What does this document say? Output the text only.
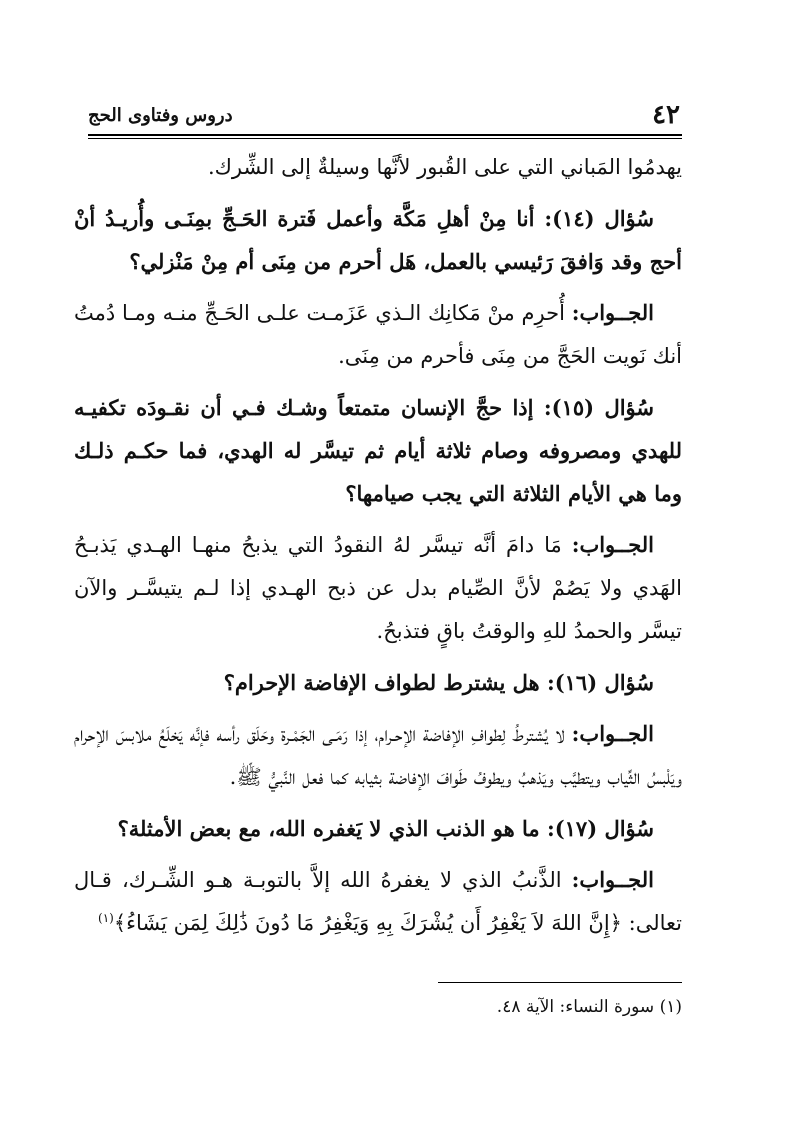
٤٢
دروس وفتاوى الحج

يهدمُوا المَباني التي على القُبور لأنَّها وسيلةٌ إلى الشِّرك.

سُؤال (١٤): أنا مِنْ أهلِ مَكَّة وأعمل فَترة الحَـجِّ بمِنَـى وأُريـدُ أنْ أحج وقد وَافقَ رَئيسي بالعمل، هَل أحرم من مِنَى أم مِنْ مَنْزلي؟

الجــواب: أُحرِم منْ مَكانِك الـذي عَزَمـت علـى الحَـجِّ منـه ومـا دُمتُ أنك نَويت الحَجَّ من مِنَى فأحرم من مِنَى.

سُؤال (١٥): إذا حجَّ الإنسان متمتعاً وشـك فـي أن نقـودَه تكفيـه للهدي ومصروفه وصام ثلاثة أيام ثم تيسَّر له الهدي، فما حكـم ذلـك وما هي الأيام الثلاثة التي يجب صيامها؟

الجــواب: مَا دامَ أنَّه تيسَّر لهُ النقودُ التي يذبحُ منهـا الهـدي يَذبـحُ الهَدي ولا يَصُمْ لأنَّ الصِّيام بدل عن ذبح الهـدي إذا لـم يتيسَّـر والآن تيسَّر والحمدُ للهِ والوقتُ باقٍ فتذبحُ.

سُؤال (١٦): هل يشترط لطواف الإفاضة الإحرام؟

الجــواب: لا يُشترطُ لِطوافِ الإفاضة الإحـرام، إذا رَمَـى الجَمْـرة وحَلَق رأسه فإنَّه يَخلَعُ ملابسَ الإحرام ويَلْبسُ الثِّياب ويتطيَّب ويَذهبُ ويطوفُ طَوافَ الإفاضة بثيابه كما فعل النَّبيُّ ﷺ.

سُؤال (١٧): ما هو الذنب الذي لا يَغفره الله، مع بعض الأمثلة؟

الجــواب: الذَّنبُ الذي لا يغفرهُ الله إلاَّ بالتوبـة هـو الشِّـرك، قـال تعالى: ﴿إِنَّ اللهَ لاَ يَغْفِرُ أَن يُشْرَكَ بِهِ وَيَغْفِرُ مَا دُونَ ذَٰلِكَ لِمَن يَشَاءُ﴾$^{(١)}$

(١) سورة النساء: الآية ٤٨.
